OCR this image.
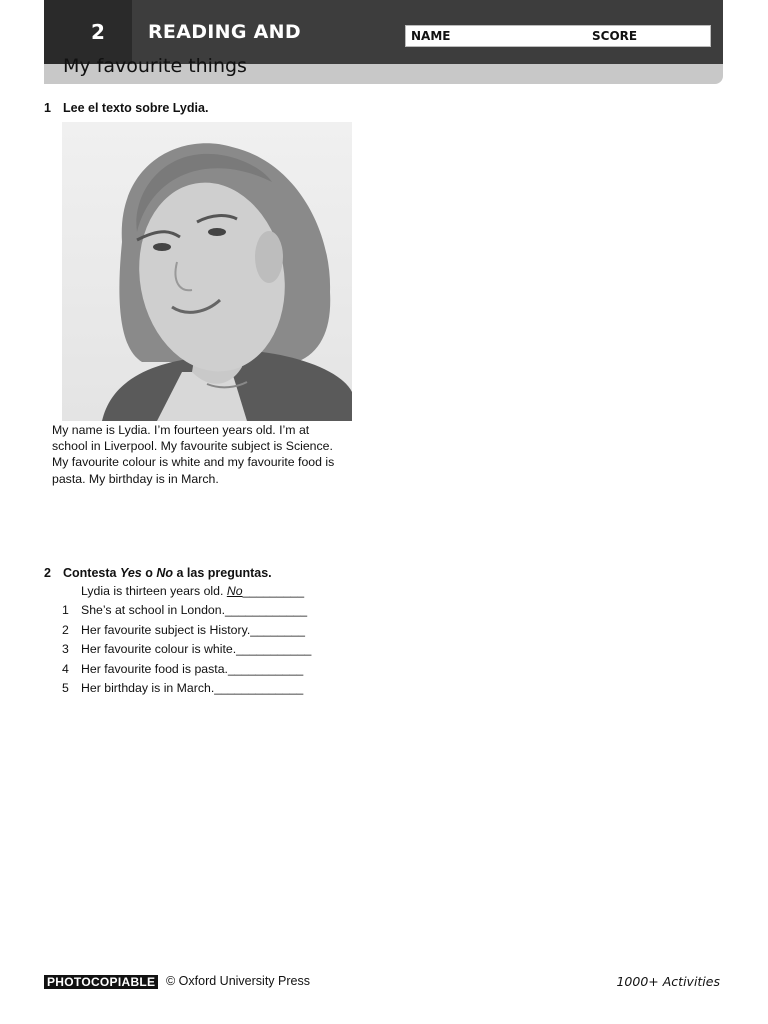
2	READING AND	NAME	SCORE
My favourite things
1 Lee el texto sobre Lydia.
My name is Lydia. I’m fourteen years old. I’m at school in Liverpool. My favourite subject is Science. My favourite colour is white and my favourite food is pasta. My birthday is in March.
2 Contesta Yes o No a las preguntas.
Lydia is thirteen years old. No_________
1 She’s at school in London.____________
2 Her favourite subject is History.________
3 Her favourite colour is white.___________
4 Her favourite food is pasta.___________
5 Her birthday is in March._____________
PHOTOCOPIABLE © Oxford University Press	1000+ Activities
